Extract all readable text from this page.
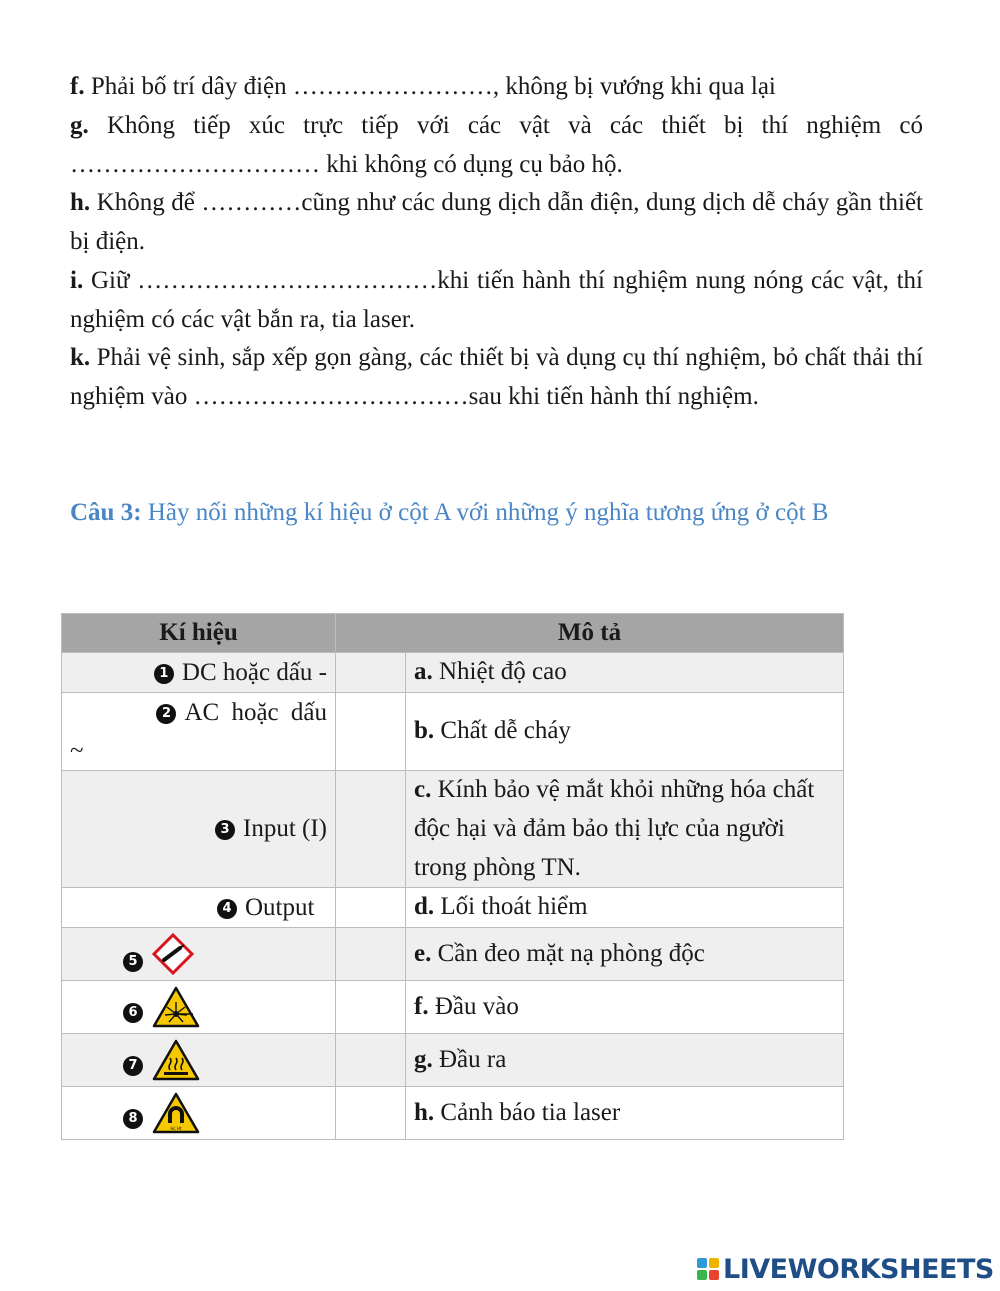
f. Phải bố trí dây điện ……………………, không bị vướng khi qua lại

g. Không tiếp xúc trực tiếp với các vật và các thiết bị thí nghiệm có ………………………… khi không có dụng cụ bảo hộ.

h. Không để …………cũng như các dung dịch dẫn điện, dung dịch dễ cháy gần thiết bị điện.

i. Giữ ………………………………khi tiến hành thí nghiệm nung nóng các vật, thí nghiệm có các vật bắn ra, tia laser.

k. Phải vệ sinh, sắp xếp gọn gàng, các thiết bị và dụng cụ thí nghiệm, bỏ chất thải thí nghiệm vào ……………………………sau khi tiến hành thí nghiệm.

Câu 3: Hãy nối những kí hiệu ở cột A với những ý nghĩa tương ứng ở cột B

Kí hiệu	Mô tả	
1 DC hoặc dấu -		a. Nhiệt độ cao

2 AC hoặc dấu
~		b. Chất dễ cháy
3 Input (I)		c. Kính bảo vệ mắt khỏi những hóa chất độc hại và đảm bảo thị lực của người trong phòng TN.
4 Output		d. Lối thoát hiểm

5		e. Cần đeo mặt nạ phòng độc

6		f. Đầu vào

7		g. Đầu ra

8
Hc Ht		h. Cảnh báo tia laser
LIVEWORKSHEETS
